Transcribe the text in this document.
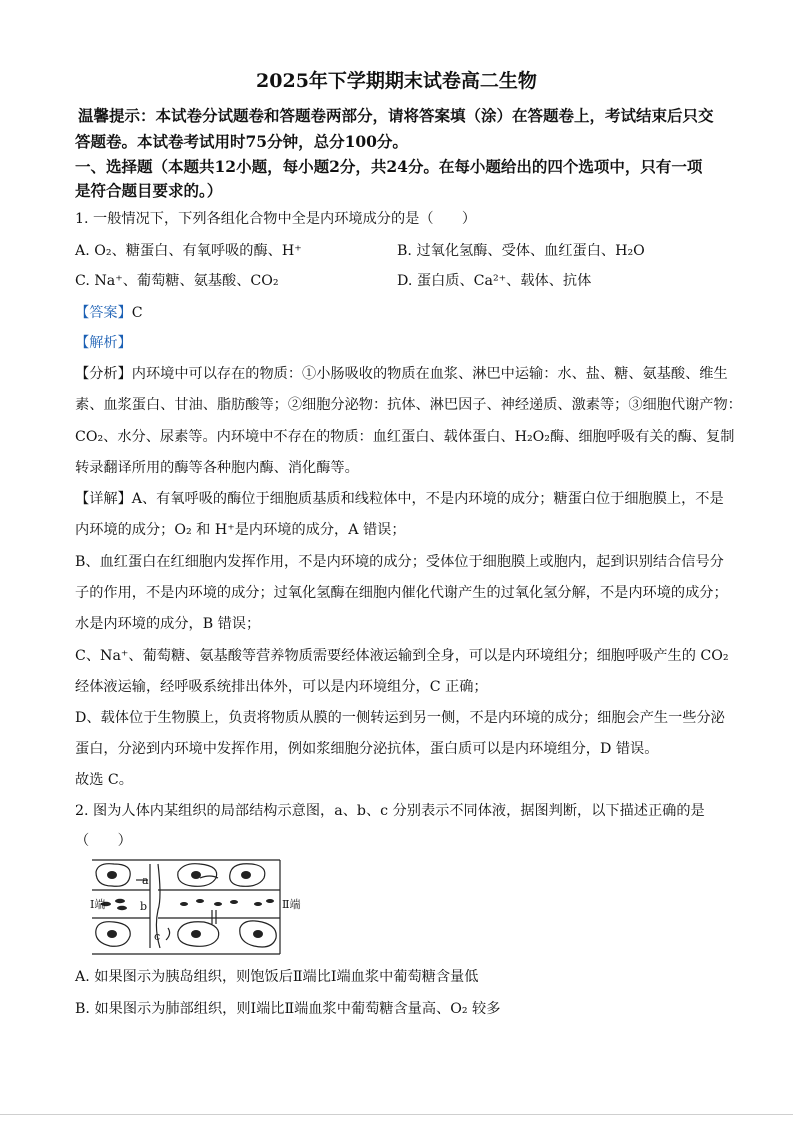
2025年下学期期末试卷高二生物
温馨提示：本试卷分试题卷和答题卷两部分，请将答案填（涂）在答题卷上，考试结束后只交
答题卷。本试卷考试用时75分钟，总分100分。
一、选择题（本题共12小题，每小题2分，共24分。在每小题给出的四个选项中，只有一项
是符合题目要求的。）
1. 一般情况下，下列各组化合物中全是内环境成分的是（　　）
A. O₂、糖蛋白、有氧呼吸的酶、H⁺	B. 过氧化氢酶、受体、血红蛋白、H₂O
C. Na⁺、葡萄糖、氨基酸、CO₂	D. 蛋白质、Ca²⁺、载体、抗体
【答案】C
【解析】
【分析】内环境中可以存在的物质：①小肠吸收的物质在血浆、淋巴中运输：水、盐、糖、氨基酸、维生
素、血浆蛋白、甘油、脂肪酸等；②细胞分泌物：抗体、淋巴因子、神经递质、激素等；③细胞代谢产物：
CO₂、水分、尿素等。内环境中不存在的物质：血红蛋白、载体蛋白、H₂O₂酶、细胞呼吸有关的酶、复制
转录翻译所用的酶等各种胞内酶、消化酶等。
【详解】A、有氧呼吸的酶位于细胞质基质和线粒体中，不是内环境的成分；糖蛋白位于细胞膜上，不是
内环境的成分；O₂ 和 H⁺是内环境的成分，A 错误；
B、血红蛋白在红细胞内发挥作用，不是内环境的成分；受体位于细胞膜上或胞内，起到识别结合信号分
子的作用，不是内环境的成分；过氧化氢酶在细胞内催化代谢产生的过氧化氢分解，不是内环境的成分；
水是内环境的成分，B 错误；
C、Na⁺、葡萄糖、氨基酸等营养物质需要经体液运输到全身，可以是内环境组分；细胞呼吸产生的 CO₂
经体液运输，经呼吸系统排出体外，可以是内环境组分，C 正确；
D、载体位于生物膜上，负责将物质从膜的一侧转运到另一侧，不是内环境的成分；细胞会产生一些分泌
蛋白，分泌到内环境中发挥作用，例如浆细胞分泌抗体，蛋白质可以是内环境组分，D 错误。
故选 C。
2. 图为人体内某组织的局部结构示意图，a、b、c 分别表示不同体液，据图判断，以下描述正确的是
（　　）
Ⅰ端	Ⅱ端
a
b
c
A. 如果图示为胰岛组织，则饱饭后Ⅱ端比Ⅰ端血浆中葡萄糖含量低
B. 如果图示为肺部组织，则Ⅰ端比Ⅱ端血浆中葡萄糖含量高、O₂ 较多
